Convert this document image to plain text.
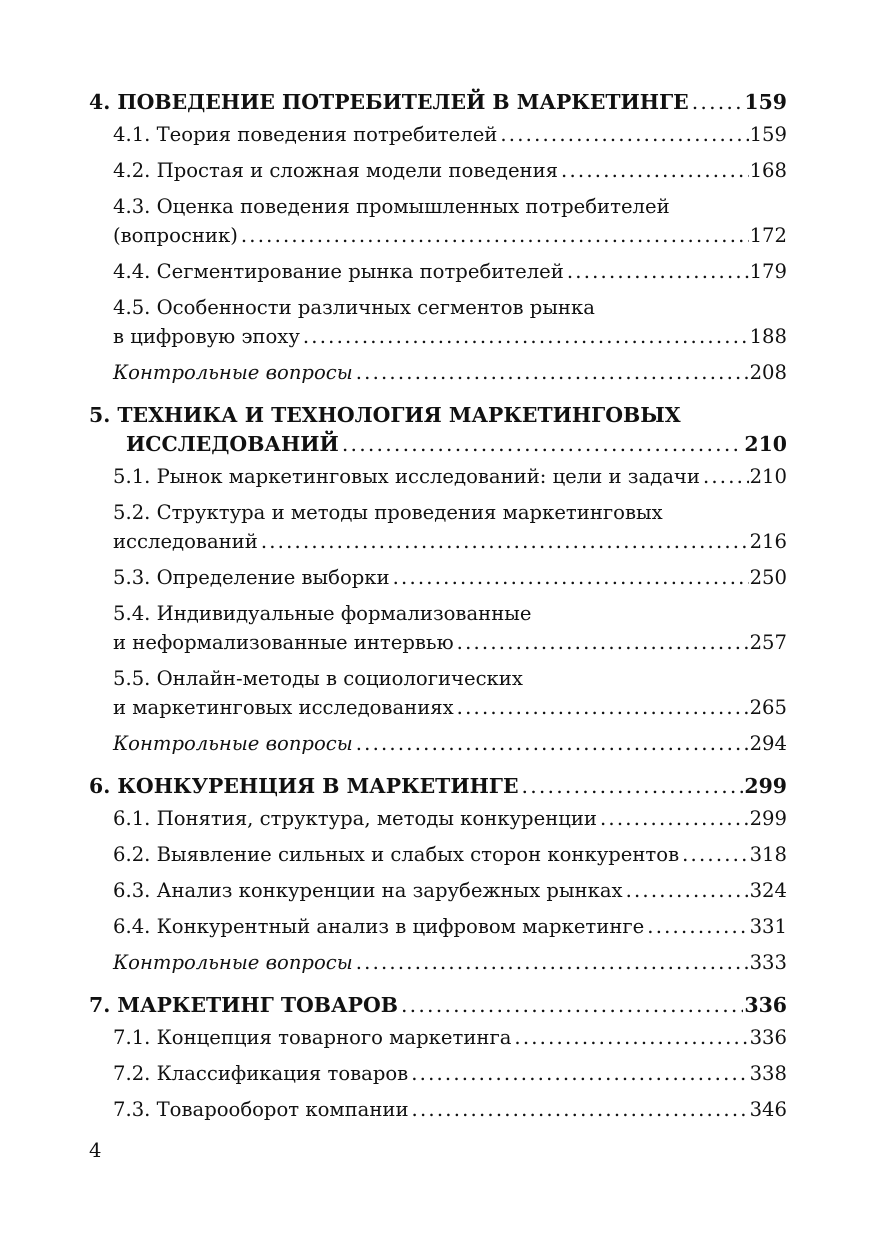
4. ПОВЕДЕНИЕ ПОТРЕБИТЕЛЕЙ В МАРКЕТИНГЕ .....	159
4.1. Теория поведения потребителей .....	159
4.2. Простая и сложная модели поведения .....	168
4.3. Оценка поведения промышленных потребителей
(вопросник) .....	172
4.4. Сегментирование рынка потребителей .....	179
4.5. Особенности различных сегментов рынка
в цифровую эпоху .....	188
Контрольные вопросы .....	208
5. ТЕХНИКА И ТЕХНОЛОГИЯ МАРКЕТИНГОВЫХ
ИССЛЕДОВАНИЙ .....	210
5.1. Рынок маркетинговых исследований: цели и задачи .....	210
5.2. Структура и методы проведения маркетинговых
исследований .....	216
5.3. Определение выборки .....	250
5.4. Индивидуальные формализованные
и неформализованные интервью .....	257
5.5. Онлайн-методы в социологических
и маркетинговых исследованиях .....	265
Контрольные вопросы .....	294
6. КОНКУРЕНЦИЯ В МАРКЕТИНГЕ .....	299
6.1. Понятия, структура, методы конкуренции .....	299
6.2. Выявление сильных и слабых сторон конкурентов .....	318
6.3. Анализ конкуренции на зарубежных рынках .....	324
6.4. Конкурентный анализ в цифровом маркетинге .....	331
Контрольные вопросы .....	333
7. МАРКЕТИНГ ТОВАРОВ .....	336
7.1. Концепция товарного маркетинга .....	336
7.2. Классификация товаров .....	338
7.3. Товарооборот компании .....	346
4
